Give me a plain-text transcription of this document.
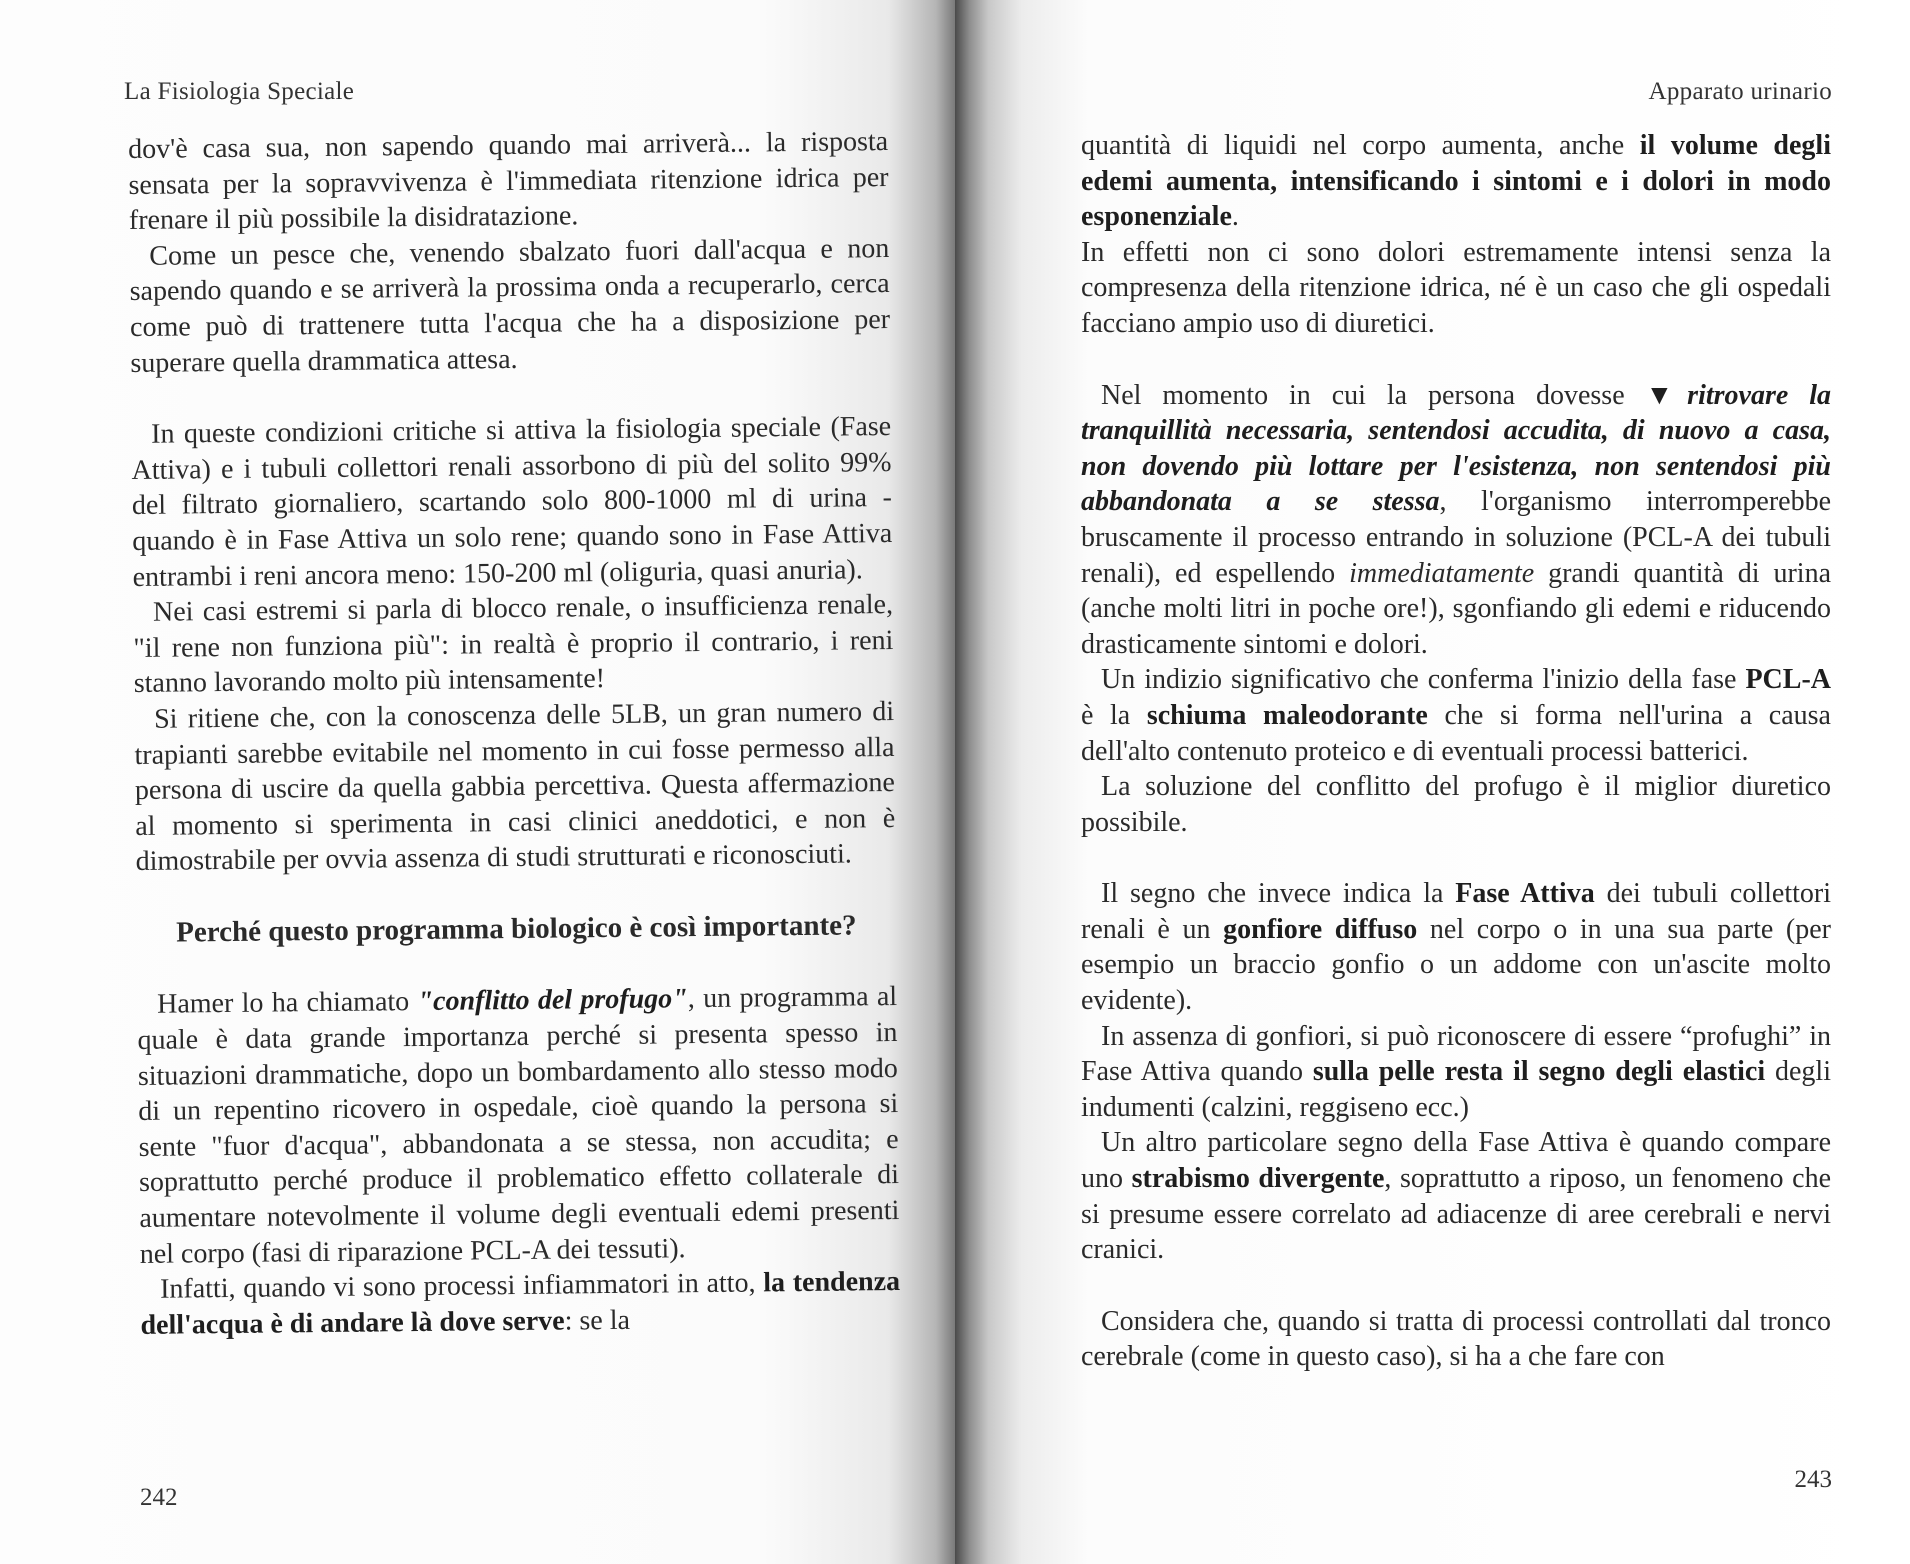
La Fisiologia Speciale

dov'è casa sua, non sapendo quando mai arriverà... la risposta sensata per la sopravvivenza è l'immediata ritenzione idrica per frenare il più possibile la disidratazione.

Come un pesce che, venendo sbalzato fuori dall'acqua e non sapendo quando e se arriverà la prossima onda a recuperarlo, cerca come può di trattenere tutta l'acqua che ha a disposizione per superare quella drammatica attesa.

In queste condizioni critiche si attiva la fisiologia speciale (Fase Attiva) e i tubuli collettori renali assorbono di più del solito 99% del filtrato giornaliero, scartando solo 800-1000 ml di urina - quando è in Fase Attiva un solo rene; quando sono in Fase Attiva entrambi i reni ancora meno: 150-200 ml (oliguria, quasi anuria).

Nei casi estremi si parla di blocco renale, o insufficienza renale, "il rene non funziona più": in realtà è proprio il contrario, i reni stanno lavorando molto più intensamente!

Si ritiene che, con la conoscenza delle 5LB, un gran numero di trapianti sarebbe evitabile nel momento in cui fosse permesso alla persona di uscire da quella gabbia percettiva. Questa affermazione al momento si sperimenta in casi clinici aneddotici, e non è dimostrabile per ovvia assenza di studi strutturati e riconosciuti.

Perché questo programma biologico è così importante?

Hamer lo ha chiamato "conflitto del profugo", un programma al quale è data grande importanza perché si presenta spesso in situazioni drammatiche, dopo un bombardamento allo stesso modo di un repentino ricovero in ospedale, cioè quando la persona si sente "fuor d'acqua", abbandonata a se stessa, non accudita; e soprattutto perché produce il problematico effetto collaterale di aumentare notevolmente il volume degli eventuali edemi presenti nel corpo (fasi di riparazione PCL-A dei tessuti).

Infatti, quando vi sono processi infiammatori in atto, la tendenza dell'acqua è di andare là dove serve: se la

242
Apparato urinario

quantità di liquidi nel corpo aumenta, anche il volume degli edemi aumenta, intensificando i sintomi e i dolori in modo esponenziale.

In effetti non ci sono dolori estremamente intensi senza la compresenza della ritenzione idrica, né è un caso che gli ospedali facciano ampio uso di diuretici.

Nel momento in cui la persona dovesse ▼ritrovare la tranquillità necessaria, sentendosi accudita, di nuovo a casa, non dovendo più lottare per l'esistenza, non sentendosi più abbandonata a se stessa, l'organismo interromperebbe bruscamente il processo entrando in soluzione (PCL-A dei tubuli renali), ed espellendo immediatamente grandi quantità di urina (anche molti litri in poche ore!), sgonfiando gli edemi e riducendo drasticamente sintomi e dolori.

Un indizio significativo che conferma l'inizio della fase PCL-A è la schiuma maleodorante che si forma nell'urina a causa dell'alto contenuto proteico e di eventuali processi batterici.

La soluzione del conflitto del profugo è il miglior diuretico possibile.

Il segno che invece indica la Fase Attiva dei tubuli collettori renali è un gonfiore diffuso nel corpo o in una sua parte (per esempio un braccio gonfio o un addome con un'ascite molto evidente).

In assenza di gonfiori, si può riconoscere di essere “profughi” in Fase Attiva quando sulla pelle resta il segno degli elastici degli indumenti (calzini, reggiseno ecc.)

Un altro particolare segno della Fase Attiva è quando compare uno strabismo divergente, soprattutto a riposo, un fenomeno che si presume essere correlato ad adiacenze di aree cerebrali e nervi cranici.

Considera che, quando si tratta di processi controllati dal tronco cerebrale (come in questo caso), si ha a che fare con

243
